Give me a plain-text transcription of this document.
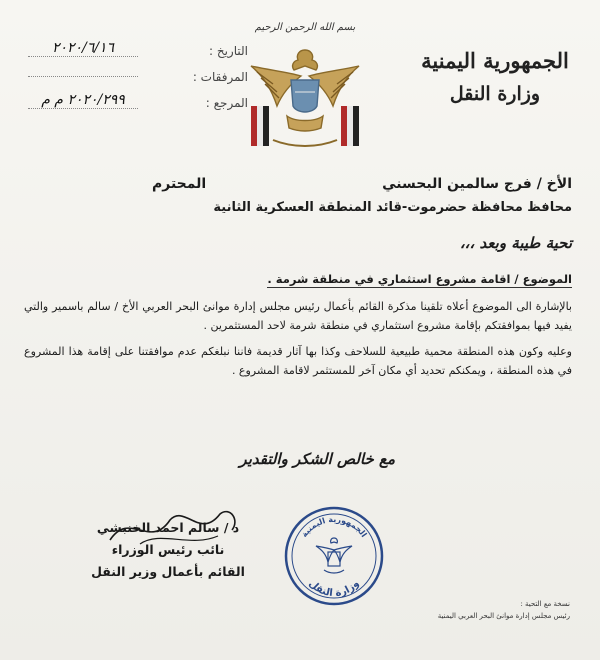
الجمهورية اليمنية
وزارة النقل
بسم الله الرحمن الرحيم
التاريخ :
٢٠٢٠/٦/١٦
المرفقات :
المرجع :
٢٠٢٠/٢٩٩ م م
الأخ / فرج سالمين البحسني
المحترم
محافظ محافظة حضرموت-قائد المنطقة العسكرية الثانية
تحية طيبة وبعد ،،،
الموضوع / اقامة مشروع استثماري في منطقة شرمة .

بالإشارة الى الموضوع أعلاه تلقينا مذكرة القائم بأعمال رئيس مجلس إدارة موانئ البحر العربي الأخ / سالم باسمير والتي يفيد فيها بموافقتكم بإقامة مشروع استثماري في منطقة شرمة لاحد المستثمرين .

وعليه وكون هذه المنطقة محمية طبيعية للسلاحف وكذا بها آثار قديمة فاننا نبلغكم عدم موافقتنا على إقامة هذا المشروع في هذه المنطقة ، ويمكنكم تحديد أي مكان آخر للمستثمر لاقامة المشروع .

مع خالص الشكر والتقدير
د / سالم احمد الخنبشي
نائب رئيس الوزراء
القائم بأعمال وزير النقل
الجمهورية اليمنية
وزارة النقل
نسخة مع التحية :
رئيس مجلس إدارة موانئ البحر العربي اليمنية
